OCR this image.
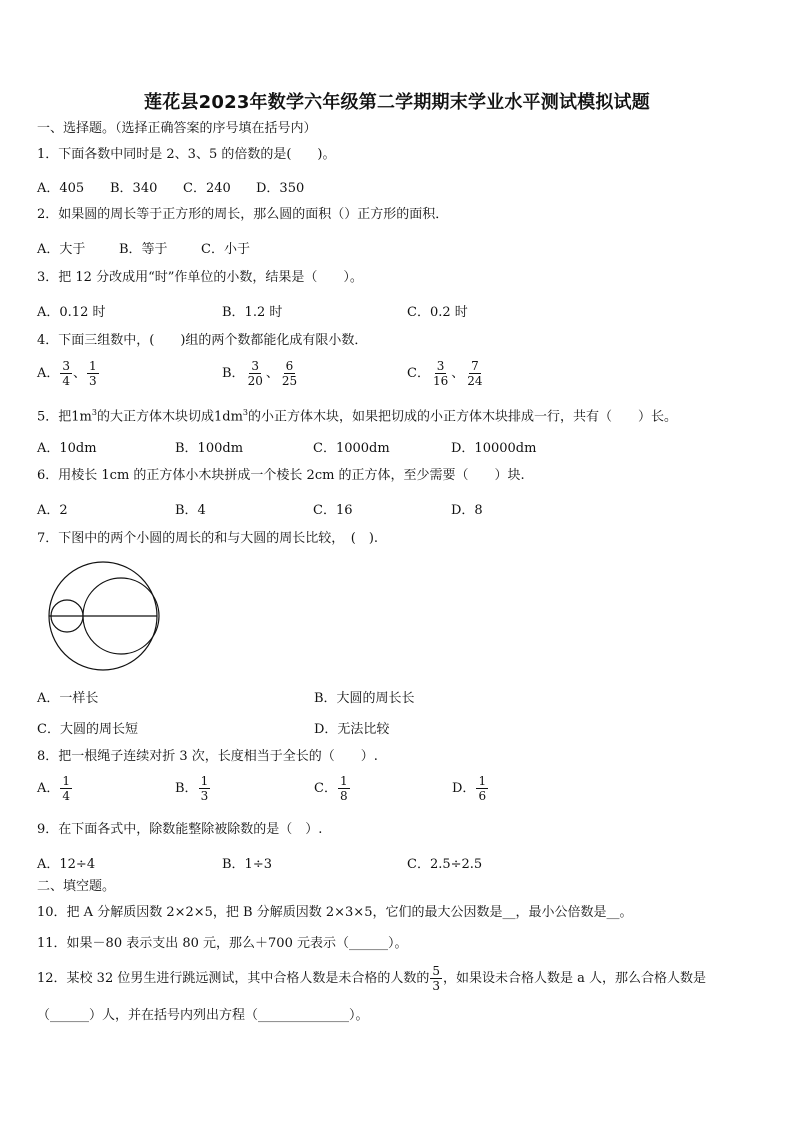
莲花县2023年数学六年级第二学期期末学业水平测试模拟试题
一、选择题。（选择正确答案的序号填在括号内）
1．下面各数中同时是 2、3、5 的倍数的是(　　)。
A．405 B．340 C．240 D．350
2．如果圆的周长等于正方形的周长，那么圆的面积（）正方形的面积．
A．大于	B．等于	C．小于
3．把 12 分改成用“时”作单位的小数，结果是（　　）。
A．0.12 时	B．1.2 时	C．0.2 时
4．下面三组数中，(　　)组的两个数都能化成有限小数．
A． $\frac{3}{4}$ 、 $\frac{1}{3}$	B． $\frac{3}{20}$ 、 $\frac{6}{25}$	C． $\frac{3}{16}$ 、 $\frac{7}{24}$
5．把$1m^3$的大正方体木块切成$1dm^3$的小正方体木块，如果把切成的小正方体木块排成一行，共有（　　）长。
A．10dm	B．100dm	C．1000dm	D．10000dm
6．用棱长 1cm 的正方体小木块拼成一个棱长 2cm 的正方体，至少需要（　　）块.
A．2	B．4	C．16	D．8
7．下图中的两个小圆的周长的和与大圆的周长比较，　(　).
A．一样长	B．大圆的周长长
C．大圆的周长短	D．无法比较
8．把一根绳子连续对折 3 次，长度相当于全长的（　　）.
A． $\frac{1}{4}$	B． $\frac{1}{3}$	C． $\frac{1}{8}$	D． $\frac{1}{6}$
9．在下面各式中，除数能整除被除数的是（　）.
A．12÷4	B．1÷3	C．2.5÷2.5
二、填空题。
10．把 A 分解质因数 2×2×5，把 B 分解质因数 2×3×5，它们的最大公因数是__，最小公倍数是__。
11．如果－80 表示支出 80 元，那么＋700 元表示（______）。
12．某校 32 位男生进行跳远测试，其中合格人数是未合格的人数的 $\frac{5}{3}$ ，如果设未合格人数是 a 人，那么合格人数是
（______）人，并在括号内列出方程（______________）。
